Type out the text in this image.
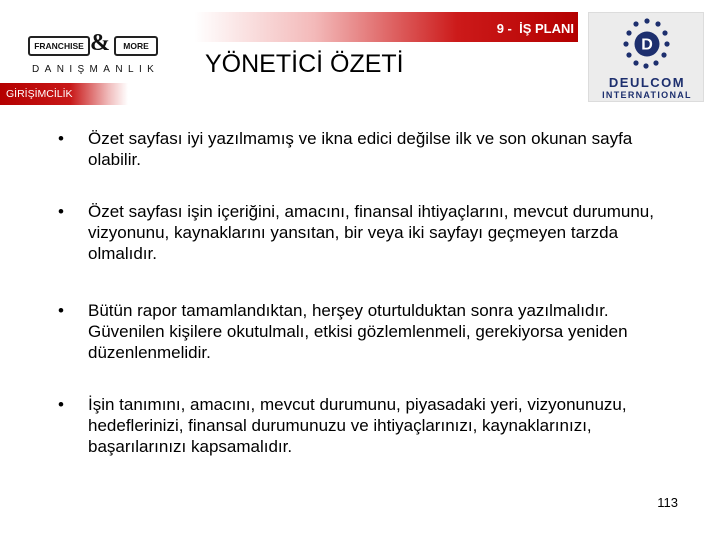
9 -  İŞ PLANI
FRANCHISE &	MORE
DANIŞMANLIK
GİRİŞİMCİLİK
YÖNETİCİ ÖZETİ
D
DEULCOM
INTERNATIONAL
• Özet sayfası iyi yazılmamış ve ikna edici değilse ilk ve son okunan sayfa olabilir.
• Özet sayfası işin içeriğini, amacını, finansal ihtiyaçlarını, mevcut durumunu, vizyonunu, kaynaklarını yansıtan, bir veya iki sayfayı geçmeyen tarzda olmalıdır.
• Bütün rapor tamamlandıktan, herşey oturtulduktan sonra yazılmalıdır. Güvenilen kişilere okutulmalı, etkisi gözlemlenmeli, gerekiyorsa yeniden düzenlenmelidir.
• İşin tanımını, amacını, mevcut durumunu, piyasadaki yeri, vizyonunuzu, hedeflerinizi, finansal durumunuzu ve ihtiyaçlarınızı, kaynaklarınızı, başarılarınızı kapsamalıdır.
113
